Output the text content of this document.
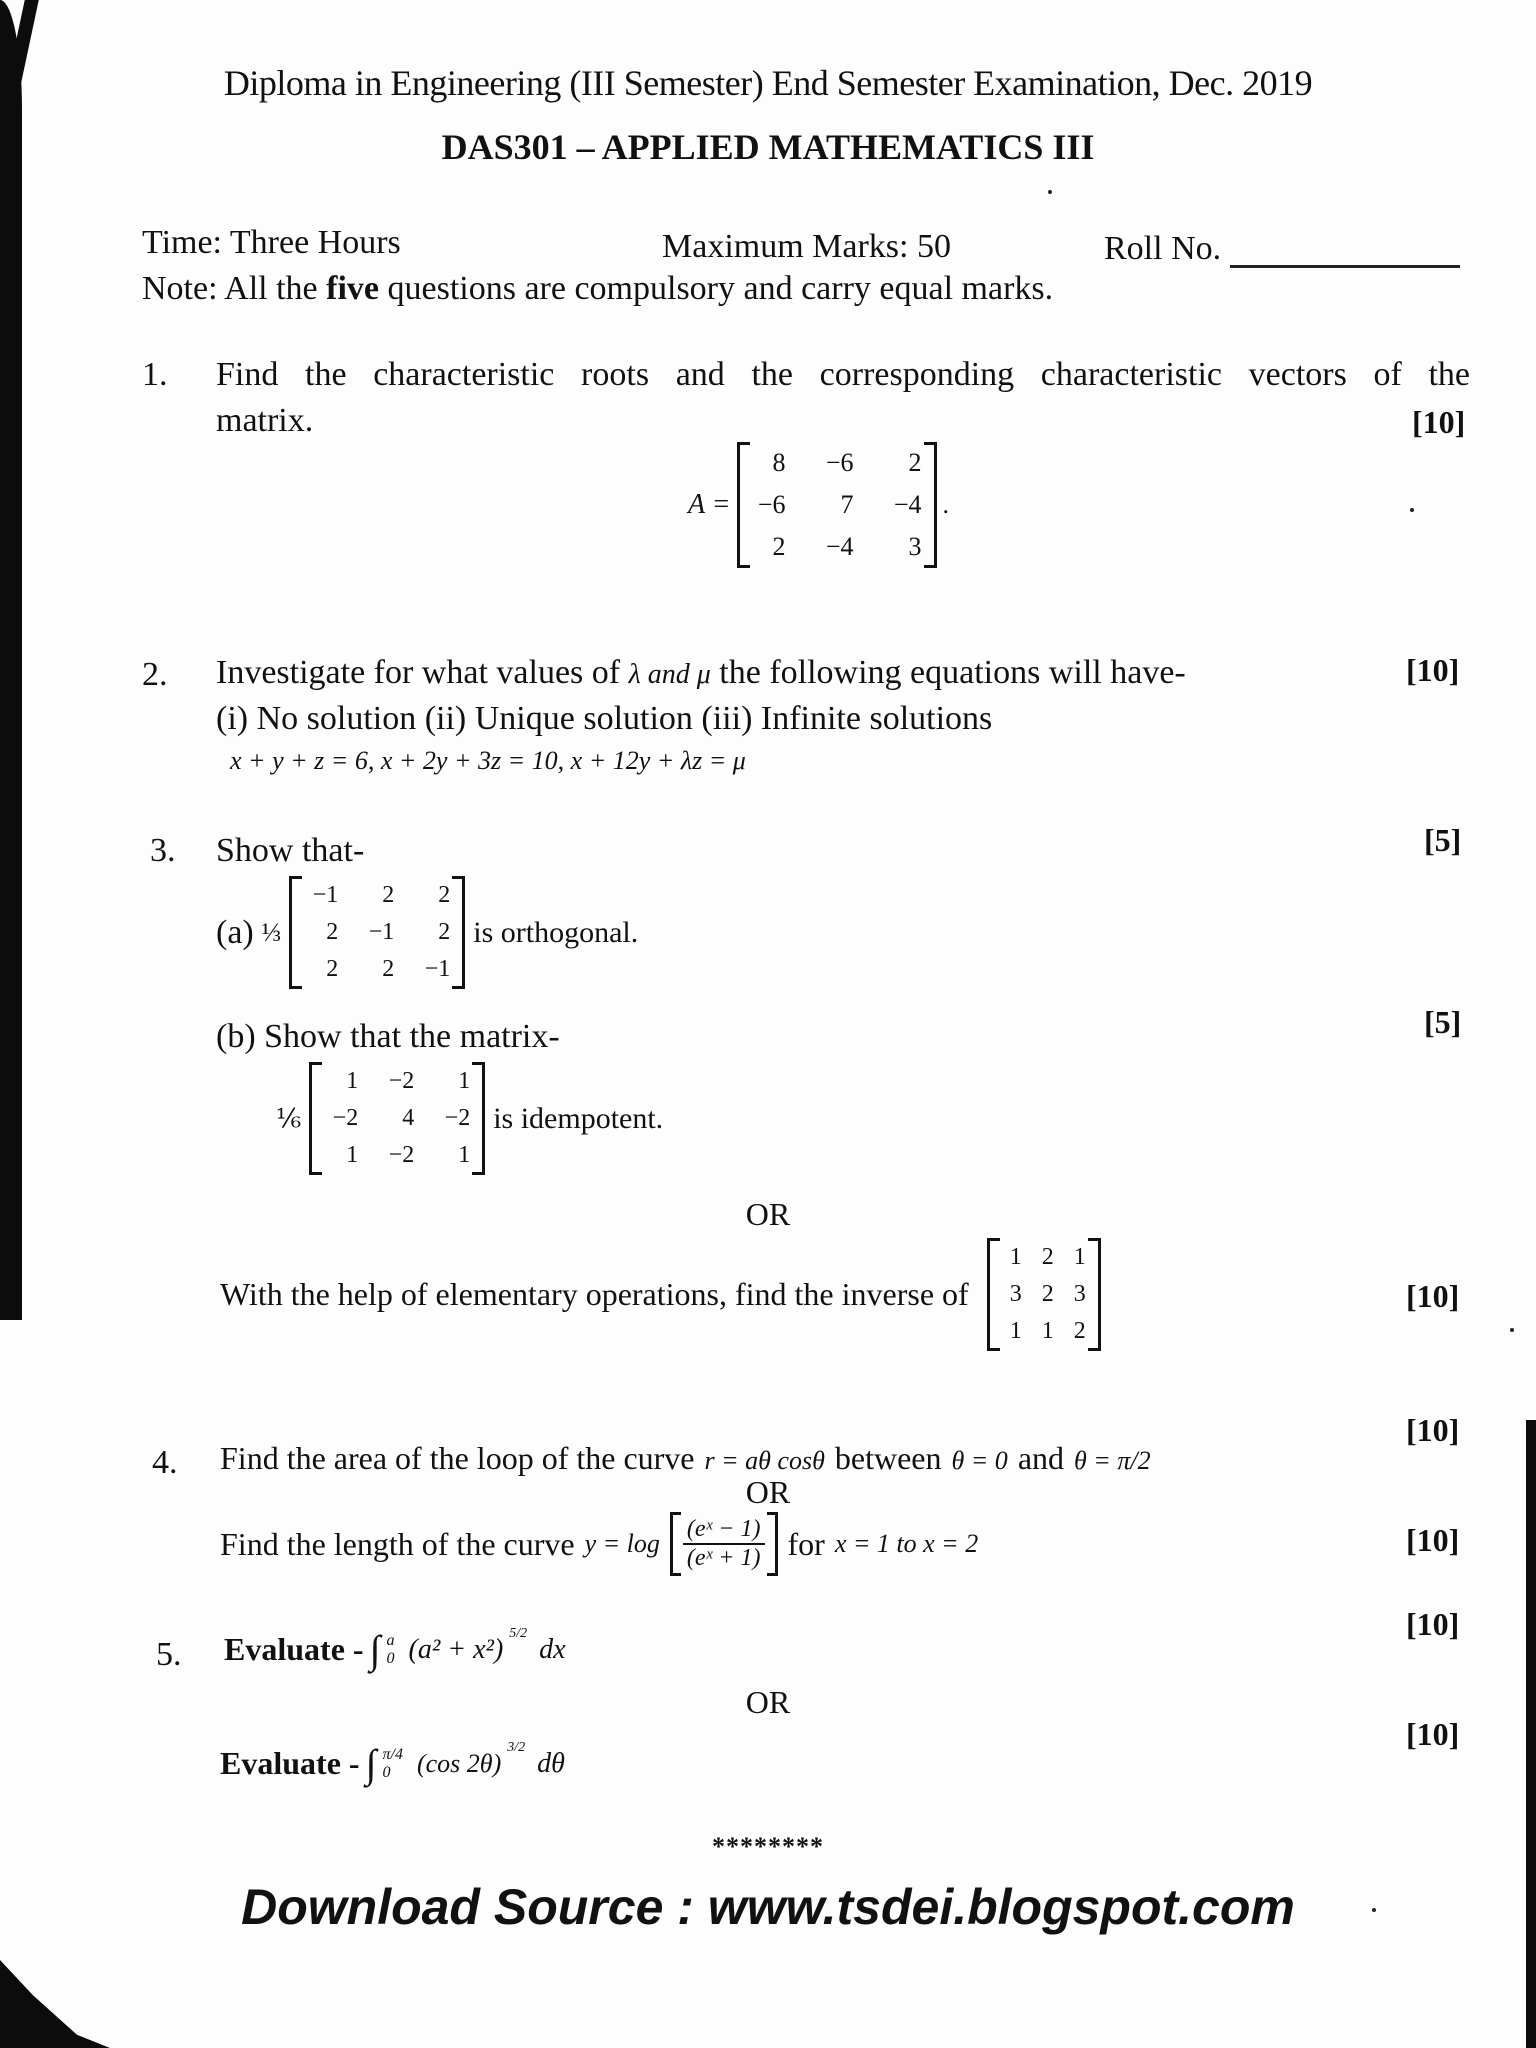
Diploma in Engineering (III Semester) End Semester Examination, Dec. 2019
DAS301 – APPLIED MATHEMATICS III
Time: Three Hours	Maximum Marks: 50	Roll No.
Note: All the five questions are compulsory and carry equal marks.
1. Find the characteristic roots and the corresponding characteristic vectors of the
matrix.	[10]
A =
8 −6	2
−6	7 −4
2 −4	3
.
2. Investigate for what values of λ and μ the following equations will have-	[10]
(i) No solution (ii) Unique solution (iii) Infinite solutions
x + y + z = 6, x + 2y + 3z = 10, x + 12y + λz = μ
3. Show that-	[5]
(a) ⅓
−1	2	2
2	−1	2
2	2	−1
is orthogonal.
(b) Show that the matrix-	[5]
⅙
1	−2	1
−2	4	−2
1	−2	1
is idempotent.
OR
With the help of elementary operations, find the inverse of
1 2 1
3 2 3
1 1 2
[10]
4. Find the area of the loop of the curve r = aθ cosθ between θ = 0 and θ = π/2
[10]
OR
Find the length of the curve $y = \log \frac{\text{(eˣ − 1)}}{\text{(eˣ + 1)}}$ for x = 1 to x = 2	[10]
5. Evaluate - ∫ a
0 (a² + x²) 5/2 dx
[10]
OR
Evaluate - ∫ π/4
0	(cos 2θ)
3/2 dθ
[10]
********
Download Source : www.tsdei.blogspot.com
